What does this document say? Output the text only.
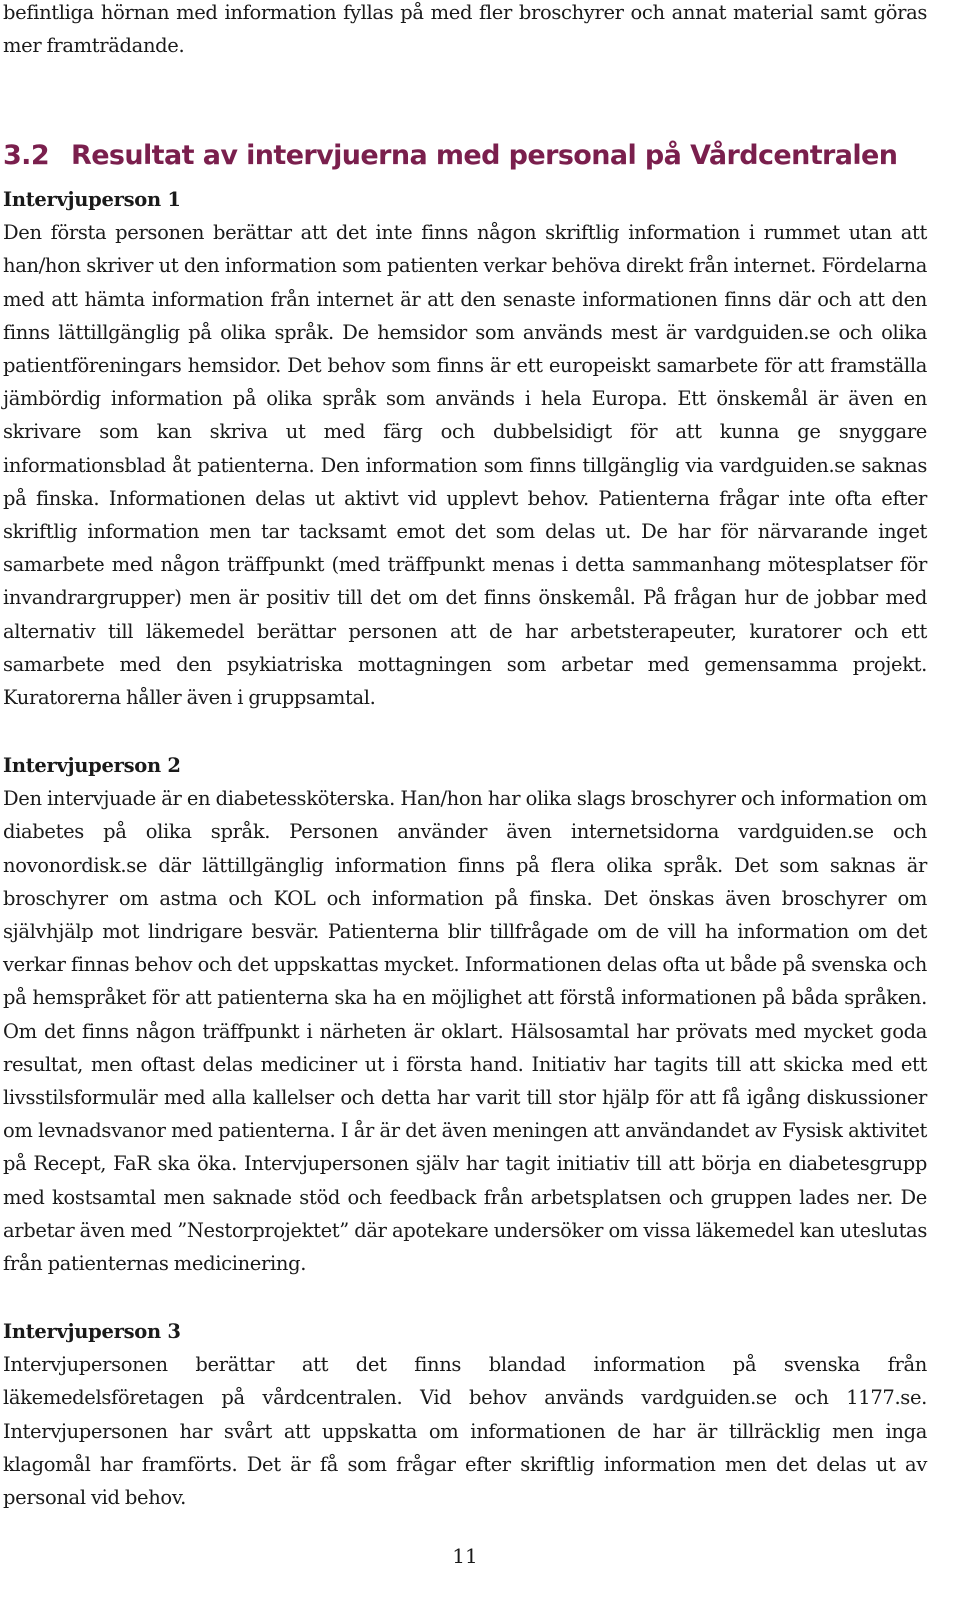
befintliga hörnan med information fyllas på med fler broschyrer och annat material samt göras mer framträdande.

3.2 Resultat av intervjuerna med personal på Vårdcentralen
Intervjuperson 1

Den första personen berättar att det inte finns någon skriftlig information i rummet utan att han/hon skriver ut den information som patienten verkar behöva direkt från internet. Fördelarna med att hämta information från internet är att den senaste informationen finns där och att den finns lättillgänglig på olika språk. De hemsidor som används mest är vardguiden.se och olika patientföreningars hemsidor. Det behov som finns är ett europeiskt samarbete för att framställa jämbördig information på olika språk som används i hela Europa. Ett önskemål är även en skrivare som kan skriva ut med färg och dubbelsidigt för att kunna ge snyggare informationsblad åt patienterna. Den information som finns tillgänglig via vardguiden.se saknas på finska. Informationen delas ut aktivt vid upplevt behov. Patienterna frågar inte ofta efter skriftlig information men tar tacksamt emot det som delas ut. De har för närvarande inget samarbete med någon träffpunkt (med träffpunkt menas i detta sammanhang mötesplatser för invandrargrupper) men är positiv till det om det finns önskemål. På frågan hur de jobbar med alternativ till läkemedel berättar personen att de har arbetsterapeuter, kuratorer och ett samarbete med den psykiatriska mottagningen som arbetar med gemensamma projekt. Kuratorerna håller även i gruppsamtal.

Intervjuperson 2

Den intervjuade är en diabetessköterska. Han/hon har olika slags broschyrer och information om diabetes på olika språk. Personen använder även internetsidorna vardguiden.se och novonordisk.se där lättillgänglig information finns på flera olika språk. Det som saknas är broschyrer om astma och KOL och information på finska. Det önskas även broschyrer om självhjälp mot lindrigare besvär. Patienterna blir tillfrågade om de vill ha information om det verkar finnas behov och det uppskattas mycket. Informationen delas ofta ut både på svenska och på hemspråket för att patienterna ska ha en möjlighet att förstå informationen på båda språken. Om det finns någon träffpunkt i närheten är oklart. Hälsosamtal har prövats med mycket goda resultat, men oftast delas mediciner ut i första hand. Initiativ har tagits till att skicka med ett livsstilsformulär med alla kallelser och detta har varit till stor hjälp för att få igång diskussioner om levnadsvanor med patienterna. I år är det även meningen att användandet av Fysisk aktivitet på Recept, FaR ska öka. Intervjupersonen själv har tagit initiativ till att börja en diabetesgrupp med kostsamtal men saknade stöd och feedback från arbetsplatsen och gruppen lades ner. De arbetar även med ”Nestorprojektet” där apotekare undersöker om vissa läkemedel kan uteslutas från patienternas medicinering.

Intervjuperson 3

Intervjupersonen berättar att det finns blandad information på svenska från läkemedelsföretagen på vårdcentralen. Vid behov används vardguiden.se och 1177.se. Intervjupersonen har svårt att uppskatta om informationen de har är tillräcklig men inga klagomål har framförts. Det är få som frågar efter skriftlig information men det delas ut av personal vid behov.

11
